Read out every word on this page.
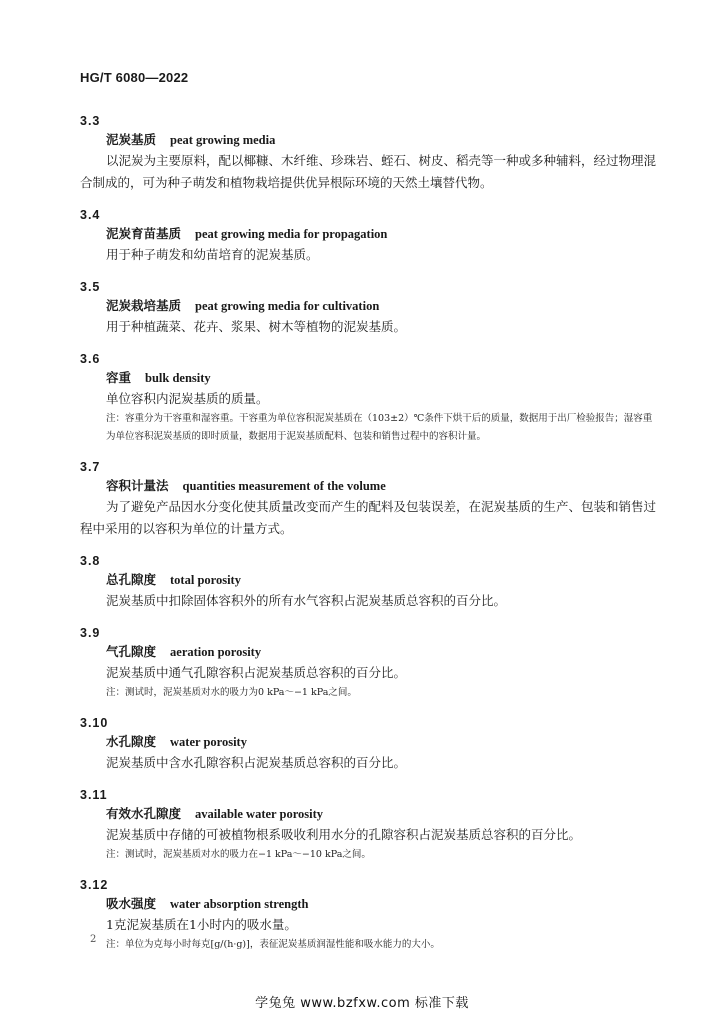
HG/T 6080—2022
3.3
泥炭基质 peat growing media
以泥炭为主要原料，配以椰糠、木纤维、珍珠岩、蛭石、树皮、稻壳等一种或多种辅料，经过物理混合制成的，可为种子萌发和植物栽培提供优异根际环境的天然土壤替代物。
3.4
泥炭育苗基质 peat growing media for propagation
用于种子萌发和幼苗培育的泥炭基质。
3.5
泥炭栽培基质 peat growing media for cultivation
用于种植蔬菜、花卉、浆果、树木等植物的泥炭基质。
3.6
容重 bulk density
单位容积内泥炭基质的质量。
注：容重分为干容重和湿容重。干容重为单位容积泥炭基质在（103±2）℃条件下烘干后的质量，数据用于出厂检验报告；湿容重为单位容积泥炭基质的即时质量，数据用于泥炭基质配料、包装和销售过程中的容积计量。
3.7
容积计量法 quantities measurement of the volume
为了避免产品因水分变化使其质量改变而产生的配料及包装误差，在泥炭基质的生产、包装和销售过程中采用的以容积为单位的计量方式。
3.8
总孔隙度 total porosity
泥炭基质中扣除固体容积外的所有水气容积占泥炭基质总容积的百分比。
3.9
气孔隙度 aeration porosity
泥炭基质中通气孔隙容积占泥炭基质总容积的百分比。
注：测试时，泥炭基质对水的吸力为0 kPa～−1 kPa之间。
3.10
水孔隙度 water porosity
泥炭基质中含水孔隙容积占泥炭基质总容积的百分比。
3.11
有效水孔隙度 available water porosity
泥炭基质中存储的可被植物根系吸收利用水分的孔隙容积占泥炭基质总容积的百分比。
注：测试时，泥炭基质对水的吸力在−1 kPa～−10 kPa之间。
3.12
吸水强度 water absorption strength
1克泥炭基质在1小时内的吸水量。
注：单位为克每小时每克[g/(h·g)]，表征泥炭基质润湿性能和吸水能力的大小。
2
学兔兔 www.bzfxw.com 标准下载
